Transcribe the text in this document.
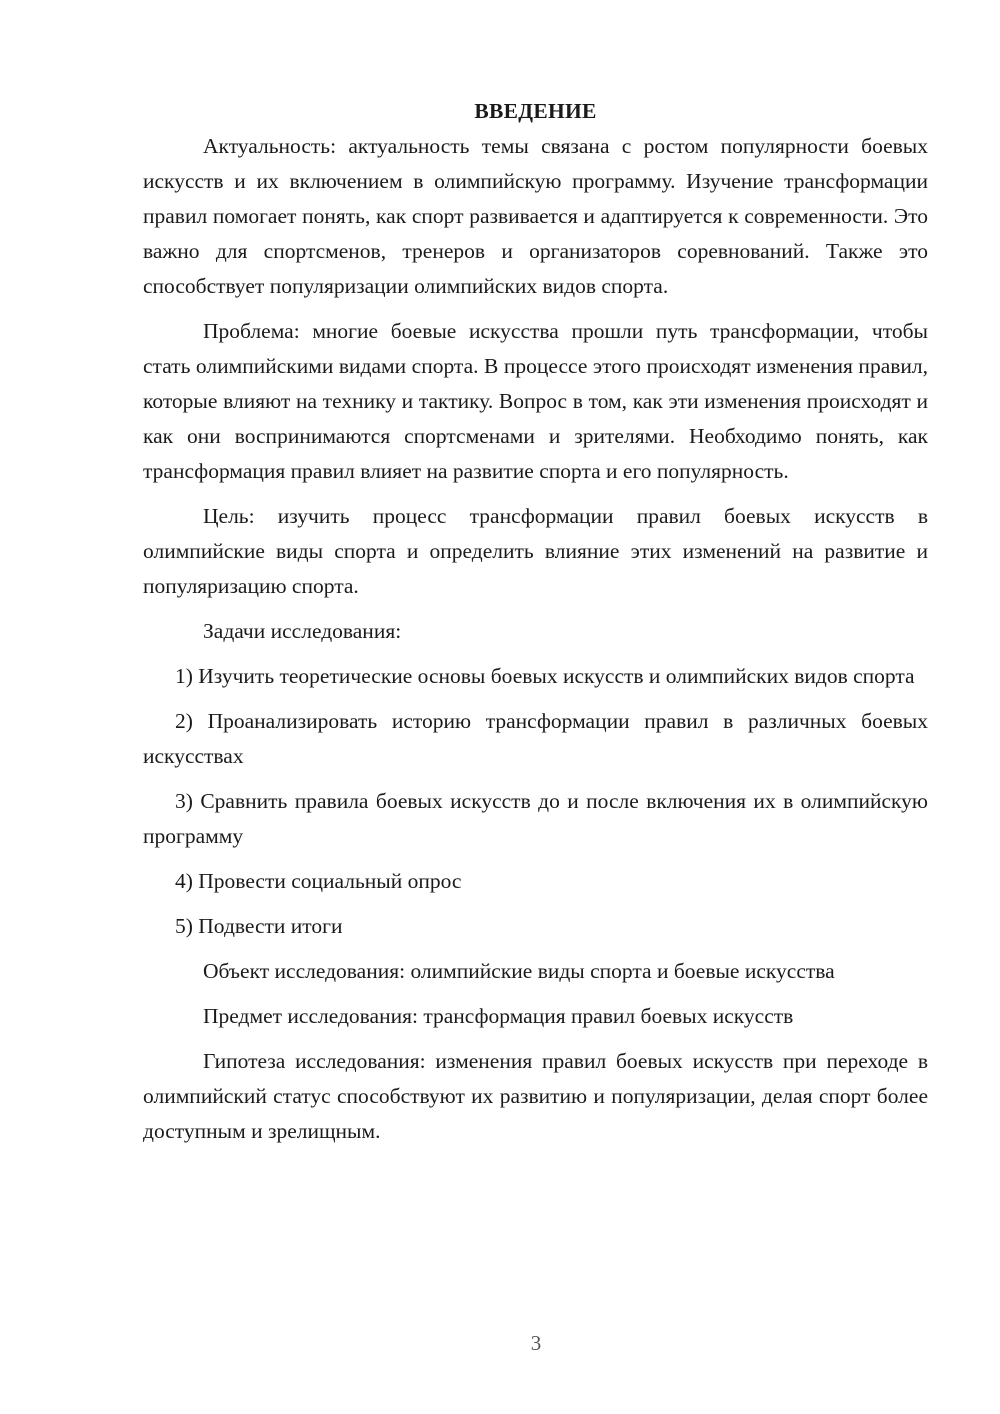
ВВЕДЕНИЕ

Актуальность: актуальность темы связана с ростом популярности боевых искусств и их включением в олимпийскую программу. Изучение трансформации правил помогает понять, как спорт развивается и адаптируется к современности. Это важно для спортсменов, тренеров и организаторов соревнований. Также это способствует популяризации олимпийских видов спорта.

Проблема: многие боевые искусства прошли путь трансформации, чтобы стать олимпийскими видами спорта. В процессе этого происходят изменения правил, которые влияют на технику и тактику. Вопрос в том, как эти изменения происходят и как они воспринимаются спортсменами и зрителями. Необходимо понять, как трансформация правил влияет на развитие спорта и его популярность.

Цель: изучить процесс трансформации правил боевых искусств в олимпийские виды спорта и определить влияние этих изменений на развитие и популяризацию спорта.

Задачи исследования:

1) Изучить теоретические основы боевых искусств и олимпийских видов спорта

2) Проанализировать историю трансформации правил в различных боевых искусствах

3) Сравнить правила боевых искусств до и после включения их в олимпийскую программу

4) Провести социальный опрос

5) Подвести итоги

Объект исследования: олимпийские виды спорта и боевые искусства

Предмет исследования: трансформация правил боевых искусств

Гипотеза исследования: изменения правил боевых искусств при переходе в олимпийский статус способствуют их развитию и популяризации, делая спорт более доступным и зрелищным.

3
